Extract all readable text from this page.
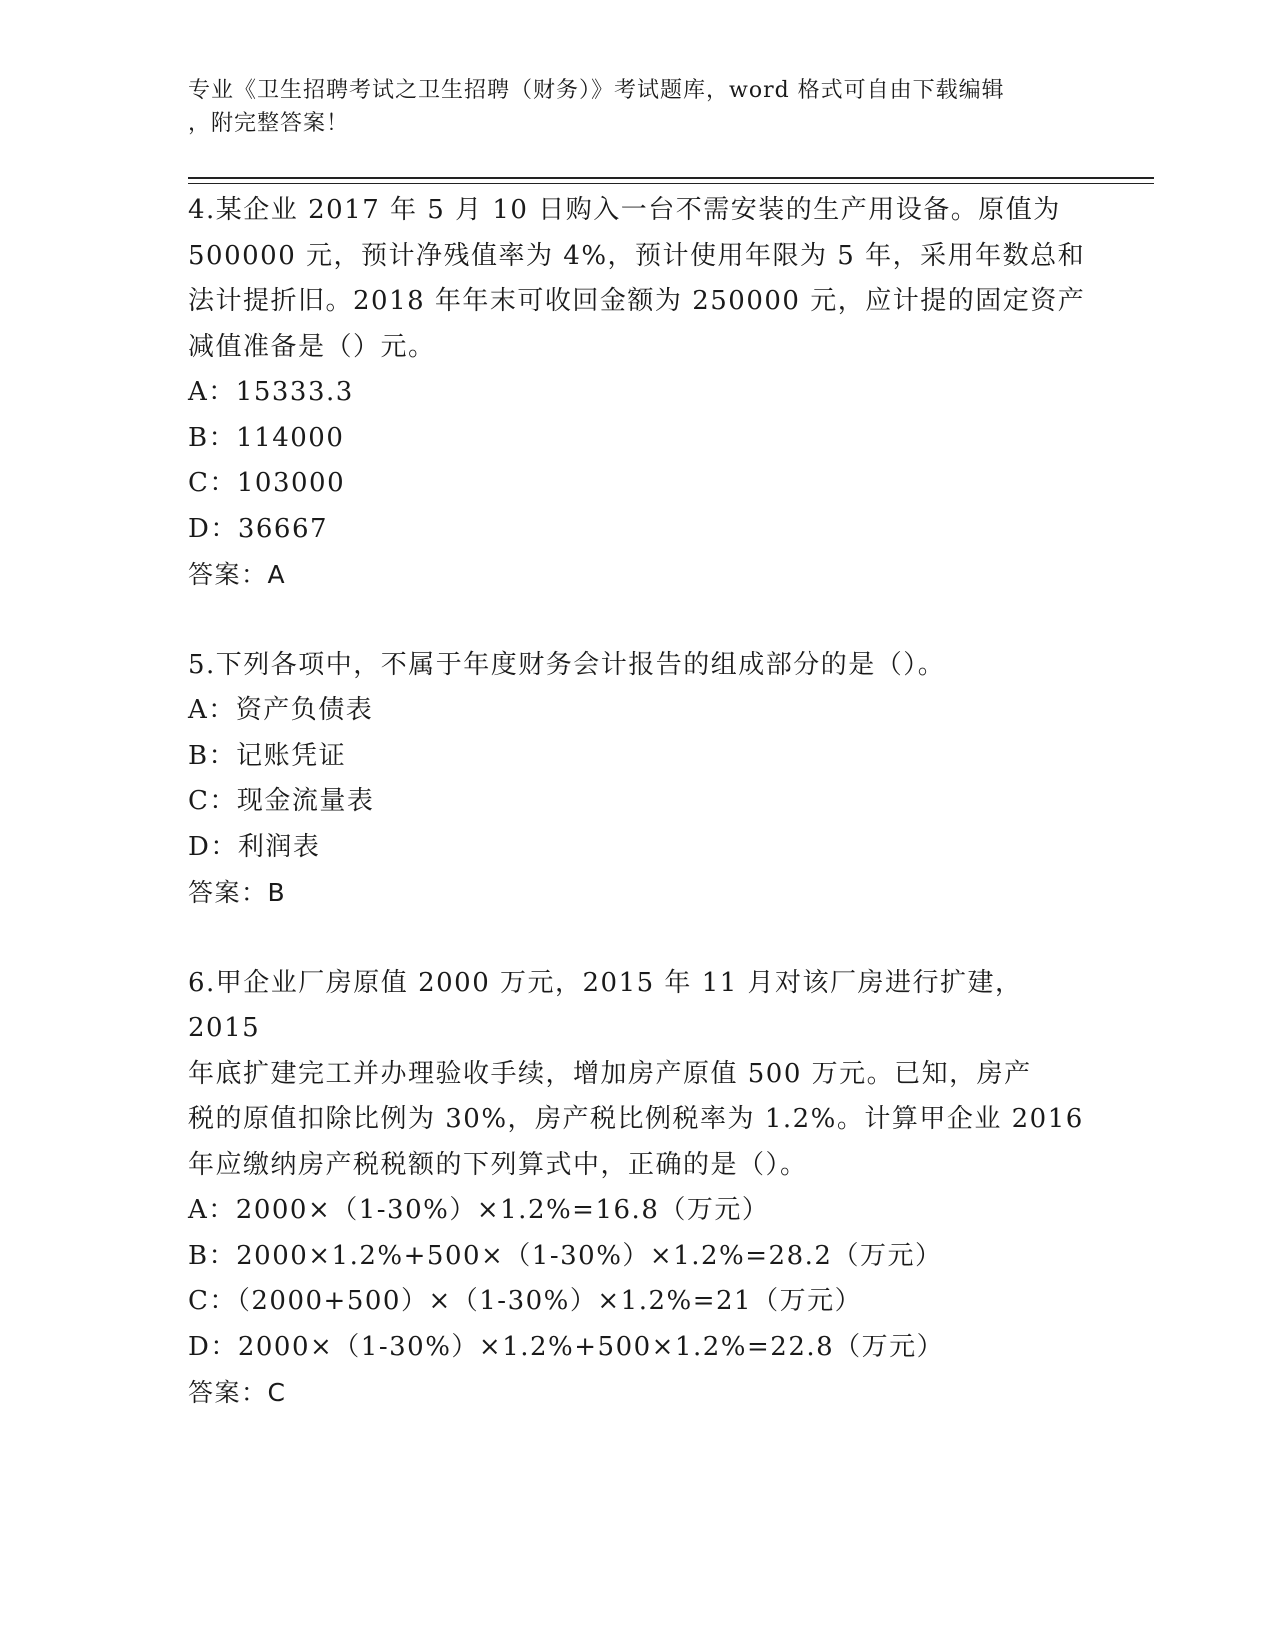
专业《卫生招聘考试之卫生招聘（财务）》考试题库，word 格式可自由下载编辑
，附完整答案！

4.某企业 2017 年 5 月 10 日购入一台不需安装的生产用设备。原值为

500000 元，预计净残值率为 4%，预计使用年限为 5 年，采用年数总和

法计提折旧。2018 年年末可收回金额为 250000 元，应计提的固定资产

减值准备是（）元。

A：15333.3

B：114000

C：103000

D：36667

答案：A

5.下列各项中，不属于年度财务会计报告的组成部分的是（）。

A：资产负债表

B：记账凭证

C：现金流量表

D：利润表

答案：B

6.甲企业厂房原值 2000 万元，2015 年 11 月对该厂房进行扩建，2015

年底扩建完工并办理验收手续，增加房产原值 500 万元。已知，房产

税的原值扣除比例为 30%，房产税比例税率为 1.2%。计算甲企业 2016

年应缴纳房产税税额的下列算式中，正确的是（）。

A：2000×（1-30%）×1.2%=16.8（万元）

B：2000×1.2%+500×（1-30%）×1.2%=28.2（万元）

C：（2000+500）×（1-30%）×1.2%=21（万元）

D：2000×（1-30%）×1.2%+500×1.2%=22.8（万元）

答案：C
